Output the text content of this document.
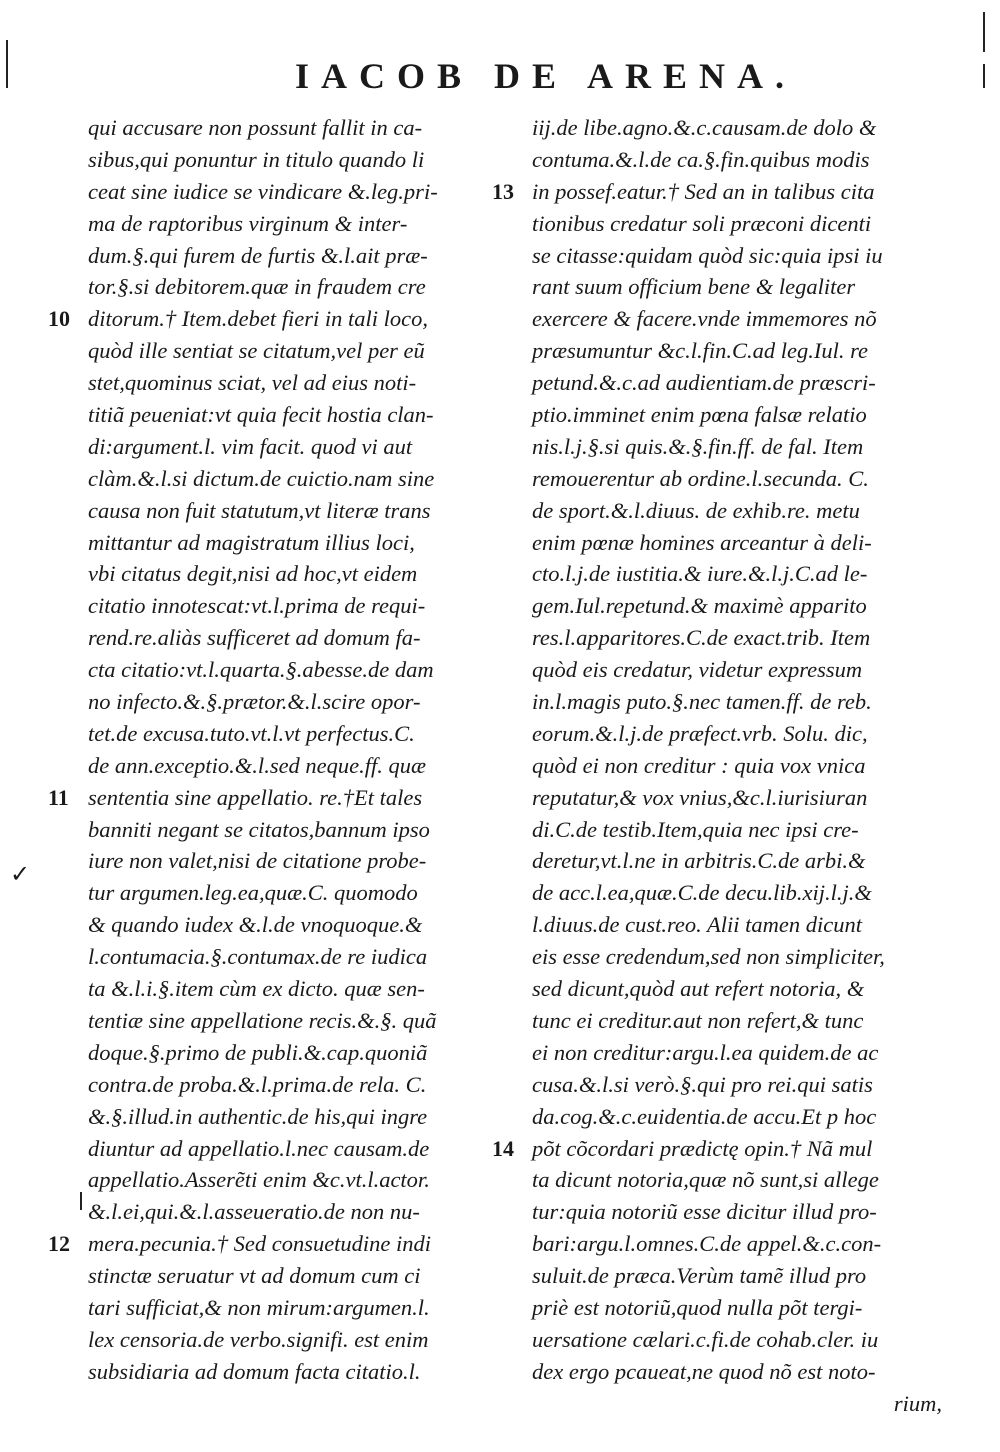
IACOB DE ARENA.
qui accusare non possunt fallit in ca-
sibus,qui ponuntur in titulo quando li
ceat sine iudice se vindicare &.leg.pri-
ma de raptoribus virginum & inter-
dum.§.qui furem de furtis &.l.ait præ-
tor.§.si debitorem.quæ in fraudem cre
10 ditorum.† Item.debet fieri in tali loco,
quòd ille sentiat se citatum,vel per eũ
stet,quominus sciat, vel ad eius noti-
titiã peueniat:vt quia fecit hostia clan-
di:argument.l. vim facit. quod vi aut
clàm.&.l.si dictum.de cuictio.nam sine
causa non fuit statutum,vt literæ trans
mittantur ad magistratum illius loci,
vbi citatus degit,nisi ad hoc,vt eidem
citatio innotescat:vt.l.prima de requi-
rend.re.aliàs sufficeret ad domum fa-
cta citatio:vt.l.quarta.§.abesse.de dam
no infecto.&.§.prætor.&.l.scire opor-
tet.de excusa.tuto.vt.l.vt perfectus.C.
de ann.exceptio.&.l.sed neque.ff. quæ
11 sententia sine appellatio. re.†Et tales
banniti negant se citatos,bannum ipso
iure non valet,nisi de citatione probe-
tur argumen.leg.ea,quæ.C. quomodo
& quando iudex &.l.de vnoquoque.&
l.contumacia.§.contumax.de re iudica
ta &.l.i.§.item cùm ex dicto. quæ sen-
tentiæ sine appellatione recis.&.§. quã
doque.§.primo de publi.&.cap.quoniã
contra.de proba.&.l.prima.de rela. C.
&.§.illud.in authentic.de his,qui ingre
diuntur ad appellatio.l.nec causam.de
appellatio.Asserẽti enim &c.vt.l.actor.
&.l.ei,qui.&.l.asseueratio.de non nu-
12 mera.pecunia.† Sed consuetudine indi
stinctæ seruatur vt ad domum cum ci
tari sufficiat,& non mirum:argumen.l.
lex censoria.de verbo.signifi. est enim
subsidiaria ad domum facta citatio.l.
iij.de libe.agno.&.c.causam.de dolo &
contuma.&.l.de ca.§.fin.quibus modis
13 in possef.eatur.† Sed an in talibus cita
tionibus credatur soli præconi dicenti
se citasse:quidam quòd sic:quia ipsi iu
rant suum officium bene & legaliter
exercere & facere.vnde immemores nõ
præsumuntur &c.l.fin.C.ad leg.Iul. re
petund.&.c.ad audientiam.de præscri-
ptio.imminet enim pœna falsæ relatio
nis.l.j.§.si quis.&.§.fin.ff. de fal. Item
remouerentur ab ordine.l.secunda. C.
de sport.&.l.diuus. de exhib.re. metu
enim pœnæ homines arceantur à deli-
cto.l.j.de iustitia.& iure.&.l.j.C.ad le-
gem.Iul.repetund.& maximè apparito
res.l.apparitores.C.de exact.trib. Item
quòd eis credatur, videtur expressum
in.l.magis puto.§.nec tamen.ff. de reb.
eorum.&.l.j.de præfect.vrb. Solu. dic,
quòd ei non creditur : quia vox vnica
reputatur,& vox vnius,&c.l.iurisiuran
di.C.de testib.Item,quia nec ipsi cre-
deretur,vt.l.ne in arbitris.C.de arbi.&
de acc.l.ea,quæ.C.de decu.lib.xij.l.j.&
l.diuus.de cust.reo. Alii tamen dicunt
eis esse credendum,sed non simpliciter,
sed dicunt,quòd aut refert notoria, &
tunc ei creditur.aut non refert,& tunc
ei non creditur:argu.l.ea quidem.de ac
cusa.&.l.si verò.§.qui pro rei.qui satis
da.cog.&.c.euidentia.de accu.Et p hoc
14 põt cõcordari prædictę opin.† Nã mul
ta dicunt notoria,quæ nõ sunt,si allege
tur:quia notoriũ esse dicitur illud pro-
bari:argu.l.omnes.C.de appel.&.c.con-
suluit.de præca.Verùm tamẽ illud pro
priè est notoriũ,quod nulla põt tergi-
uersatione cælari.c.fi.de cohab.cler. iu
dex ergo pcaueat,ne quod nõ est noto-
rium,
✓
